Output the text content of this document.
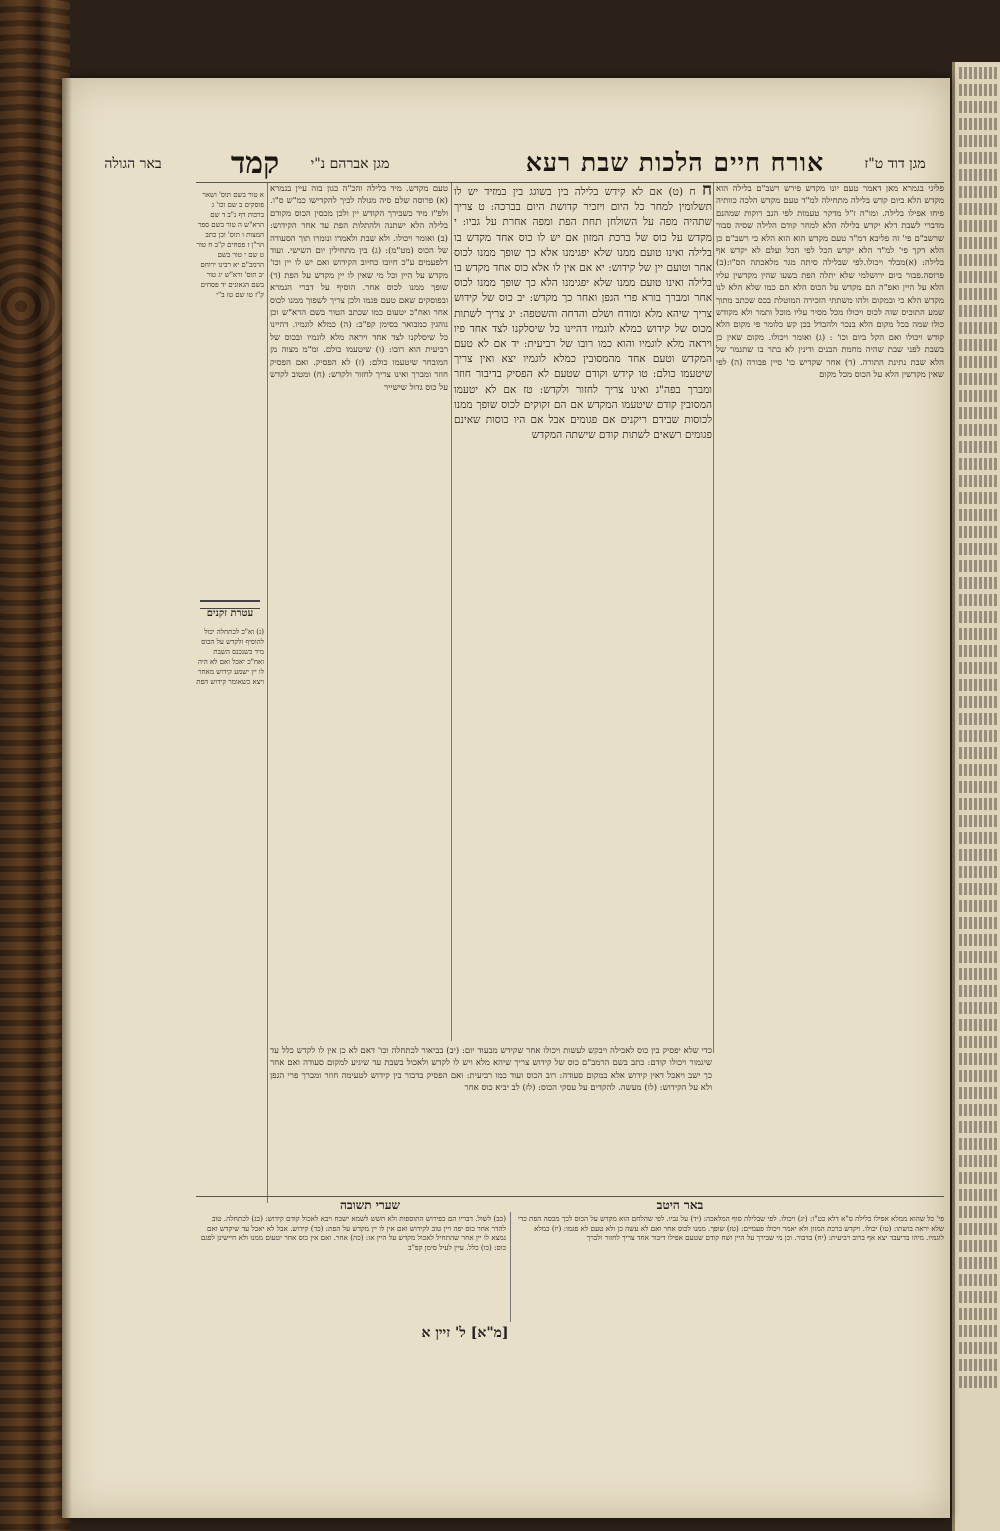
מגן דוד ט"ז
אורח חיים הלכות שבת רעא
מגן אברהם נ"י
קמד
באר הגולה
פליגי בגמרא מאן דאמר טעם יונו מקדש פירש רשב"ם בלילה הוא מקדש הלא ביום קדש בלילה מתחילה למ"ד טעם מקדש הלכה כוותיה פיחו אפילו בלילה. ומו"ה ז"ל מדקר טעמות לפי הנב רוקות שמהנם מדברי לשבת דלא יקדש בלילה הלא למחר קודם הלילה שסיה סבור שרשב"ם פי' זה פליבא דמ"ד טעם מקדש הוא הוא הלא כי רשב"ם כן הלא דקך פי' למ"ד הלא יקדש הכל לפי הכל ועלם לא יקדש אף בלילה: (א)מבלד ויכולו.לפי שבלילה סיתה מגר מלאכתה הס"ו:(ב) פרוסה.פבור ביום ירושלמי שלא יתלה הפת בשעו שהין מקדשין עליו הלא על היין ואפ"ה הם מקדש על הכוס הלא הם כמו שלא הלא לנו מקדש הלא כי ובמקום ולהו משתתי הזכירה המוטלת בכס שכתב מתוך שמע התוכיס שוה לכוס ויכולו מכל מסיר עליו מוכל ותמר ולא מקודש כולו שמה בכל מקום הלא בנכר ולהבדל בכן קש כלומר פי מקום הלא קודש ויכולו ואם הקל ביום וכו' : (ג) ואומר ויכולו. מקום שאין כן בשבת לפני שבת שהיה מחמת הבנים ודינין לא בתר בו שתגמר של הלא שבת נתינת התורה. (ד) אחר שקדיש כו' סיין פבורה (ה) לפי שאין מקדשין הלא על הכוס מכל מקום
ח ח (ט) אם לא קידש בלילה בין בשוגג בין במזיד יש לו תשלומין למחר כל היום ויזכיר קדושת היום בברכה: ט צריך שתהיה מפה על השולחן תחת הפת ומפה אחרת על גביו: י מקדש על כוס של ברכת המזון אם יש לו כוס אחד מקדש בו בלילה ואינו טועם ממנו שלא יפגימנו אלא כך שופך ממנו לכוס אחר וטועם יין של קידוש: יא אם אין לו אלא כוס אחד מקדש בו בלילה ואינו טועם ממנו שלא יפגימנו הלא כך שופך ממנו לכוס אחר ומברך בורא פרי הגפן ואחר כך מקדש: יב כוס של קידוש צריך שיהא מלא ומודח ושלם והדחה והשטפה: יג צריך לשתות מכוס של קידוש כמלא לוגמיו דהיינו כל שיסלקנו לצד אחד פיו ויראה מלא לוגמיו והוא כמו רובו של רביעית: יד אם לא טעם המקדש וטעם אחד מהמסובין כמלא לוגמיו יצא ואין צריך שיטעמו כולם: טו קידש וקודם שטעם לא הפסיק בדיבור חוזר ומברך בפה"ג ואינו צריך לחזור ולקדש: טז אם לא יטעמו המסובין קודם שיטעמו המקדש אם הם זקוקים לכוס שופך ממנו לכוסות שבידם ריקנים אם פגומים אבל אם היו כוסות שאינם פגומים רשאים לשתות קודם שישתה המקדש
טעם מקדש. מיד בלילה והכ"ה כגון בזה עיין בגמרא (א) פרוסה שלם סיה מגולה לכיך להקדישו כמ"ש ס"ו. ולפ"ז מיד כשבירך הקודש יין ולכן מכסין הכוס מקודם בלילה הלא ישתנה ולהתלות הפת עד אחר הקידוש: (ב) ואומר ויכולו. ולא שבת ולאמרו ונומרו תוך הסעודה של הכוס (מט"מ): (ג) בין מתחילין יום השישי. ועוד דלפעמים ע"כ חיובו כחיוב הקידוש ואם יש לו יין וכו' מקדש על היין וכל מי שאין לו יין מקדש על הפת (ד) שופך ממנו לכוס אחר. הוסיף על דברי הגמרא ובפוסקים שאם טעם פגמו ולכן צריך לשפוך ממנו לכוס אחר ואח"כ יטעום כמו שכתב הטור בשם הרא"ש וכן נוהגין כמבואר בסימן קפ"ב: (ה) כמלא לוגמיו. דהיינו כל שיסלקנו לצד אחד ויראה מלא לוגמיו ובכוס של רביעית הוא רובו: (ו) שיטעמו כולם. ומ"מ מצוה מן המובחר שיטעמו כולם: (ז) לא הפסיק. ואם הפסיק חוזר ומברך ואינו צריך לחזור ולקדש: (ח) ומטוב לקדש על כוס גדול שישייר
א טור בשם תוס' ושאר פוסקים ב שם וכו' ג ברכות דף נ"ב ד שם הרא"ש ה טור בשם ספר המצות ו תוס' וכן כתב הר"ן ז פסחים ק"ב ח טור ט שם י טור בשם הרמב"ם יא רבינו ירוחם יב תוס' ורא"ש יג טור בשם הגאונים יד פסחים ק"ז טו שם טז ב"י
עטרת זקנים
(ג) וא"כ לכתחלה יכול להוסיף ולקדש על הכוס מיד כשנכנס השבת ואח"כ יאכל ואם לא היה לו יין ישמע קידוש מאחר ויצא כשאומר קידוש הפת
כדי שלא יפסיק בין כוס לאכילה ויבקש לעשות ויכולו אחר שקידש מבעוד יום: (יב) בביאור לכתחלה וכו' דאם לא כן אין לו לקדש כלל עד שיגמור ויכולו קודם: כתב בשם הרמב"ם כוס של קידוש צריך שיהא מלא ויש לו לקדש ולאכול בשבת עד שיגיע למקום סעודה ואם אחר כך ישב ויאכל דאין קידוש אלא במקום סעודה: רוב הכוס ועוד כמו רביעית: ואם הפסיק בדבור בין קידוש לטעימה חוזר ומברך פרי הגפן ולא על הקידוש: (לו) מעשה. להקדים על עסקי הכוס: (לז) לב יביא כוס אחר
באר היטב
שערי תשובה
פי' כל שהוא ממלא אפילו בלילה ס"א דלא כט"ז: (יג) ויכולו. לפי שבלילה סוף המלאכה: (יד) על גביו. לפי שהלחם הוא מקדש על הכוס לכך מכסה הפת כדי שלא יראה בושתו: (טו) יכולו. ויקדש ברכת המזון ולא יאמר ויכולו פעמיים: (טז) שופך. ממנו לכוס אחר ואם לא עשה כן ולא טעם לא פגמו: (יז) כמלא לוגמיו. מיהו בדיעבד יצא אף ברוב רביעית: (יח) בדבור. וכן מי שבירך על היין ושח קודם שטעם אפילו דיבור אחד צריך לחזור ולברך
(כב) לשול. דבריו הם כפירוש התוספות ולא חשש לשמא ישכח ויבא לאכול קודם קידוש: (כג) לכתחלה. טוב להדר אחר כוס יפה ויין טוב לקידוש ואם אין לו יין מקדש על הפת: (כד) קידוש. אבל לא יאכל עד שיקדש ואם נמצא לו יין אחר שהתחיל לאכול מקדש על היין אז: (כה) אחר. ואם אין כוס אחר יטעום ממנו ולא חיישינן לפגם כוס: (כו) כלל. עיין לעיל סימן קפ"ב
[מ"א] ל' זיין א
